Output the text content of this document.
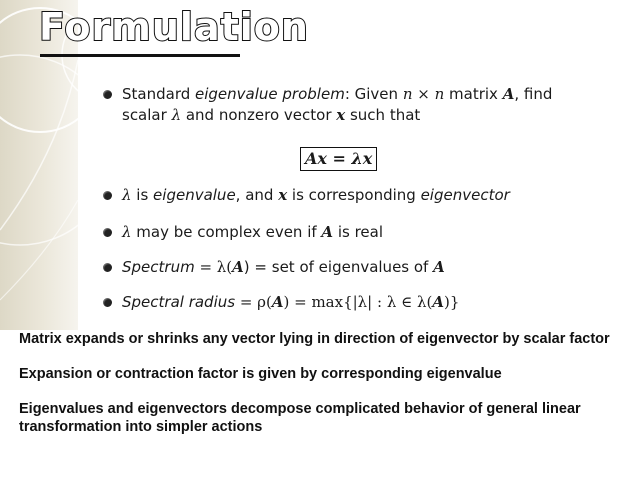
Formulation
Standard eigenvalue problem: Given n × n matrix A, find
scalar λ and nonzero vector x such that
Ax = λx
λ is eigenvalue, and x is corresponding eigenvector
λ may be complex even if A is real
Spectrum = λ(A) = set of eigenvalues of A
Spectral radius = ρ(A) = max{|λ| : λ ∈ λ(A)}

Matrix expands or shrinks any vector lying in direction of eigenvector by scalar factor

Expansion or contraction factor is given by corresponding eigenvalue

Eigenvalues and eigenvectors decompose complicated behavior of general linear transformation into simpler actions
